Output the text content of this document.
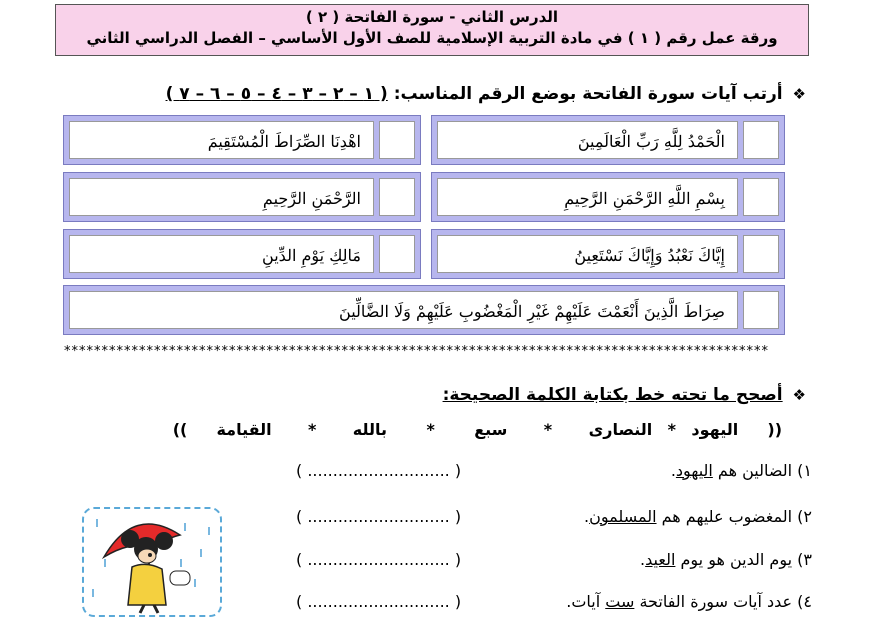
الدرس الثاني - سورة الفاتحة ( ٢ )
ورقة عمل رقم ( ١ ) في مادة التربية الإسلامية للصف الأول الأساسي – الفصل الدراسي الثاني
❖ أرتب آيات سورة الفاتحة بوضع الرقم المناسب: ( ١ – ٢ – ٣ – ٤ – ٥ – ٦ – ٧ )
الْحَمْدُ لِلَّهِ رَبِّ الْعَالَمِينَ
اهْدِنَا الصِّرَاطَ الْمُسْتَقِيمَ
بِسْمِ اللَّهِ الرَّحْمَنِ الرَّحِيمِ
الرَّحْمَنِ الرَّحِيمِ
إِيَّاكَ نَعْبُدُ وَإِيَّاكَ نَسْتَعِينُ
مَالِكِ يَوْمِ الدِّينِ
صِرَاطَ الَّذِينَ أَنْعَمْتَ عَلَيْهِمْ غَيْرِ الْمَغْضُوبِ عَلَيْهِمْ وَلَا الضَّالِّينَ
**********************************************************************************************
❖ أصحح ما تحته خط بكتابة الكلمة الصحيحة:
((  اليهود * النصارى * سبع * بالله * القيامة  ))
١) الضالين هم اليهود.
( ............................ )
٢) المغضوب عليهم هم المسلمون.
( ............................ )
٣) يوم الدين هو يوم العيد.
( ............................ )
٤) عدد آيات سورة الفاتحة ست آيات.
( ............................ )
